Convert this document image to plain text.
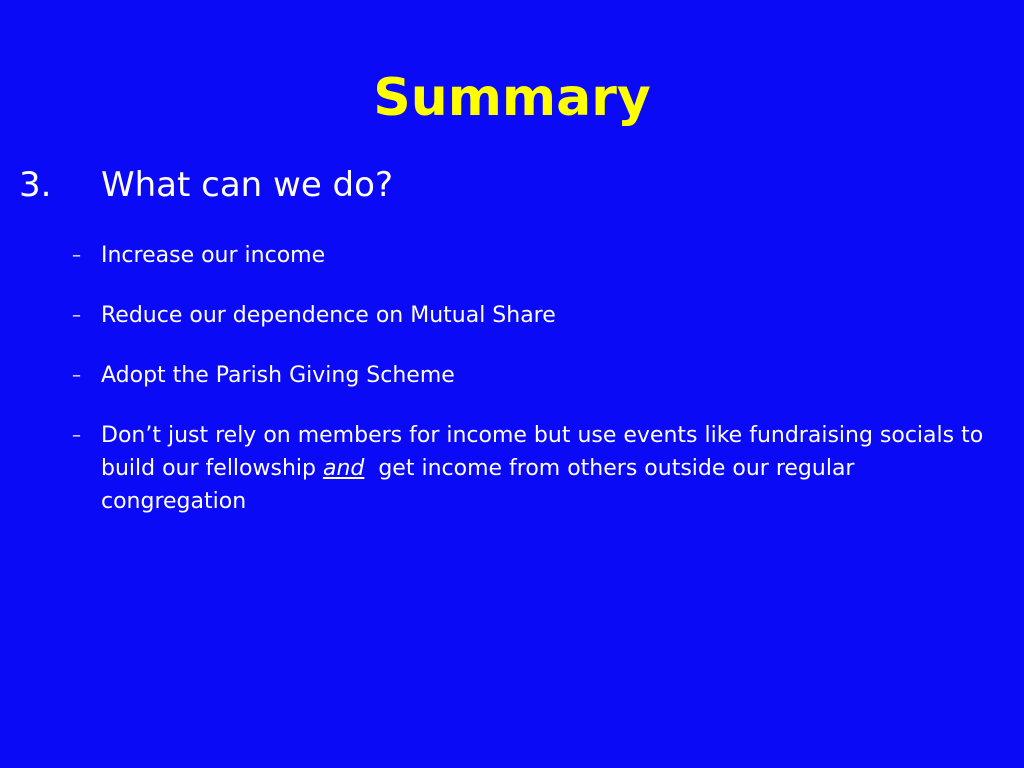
Summary
3. What can we do?
– Increase our income
– Reduce our dependence on Mutual Share
– Adopt the Parish Giving Scheme
– Don’t just rely on members for income but use events like fundraising socials to build our fellowship and  get income from others outside our regular congregation
